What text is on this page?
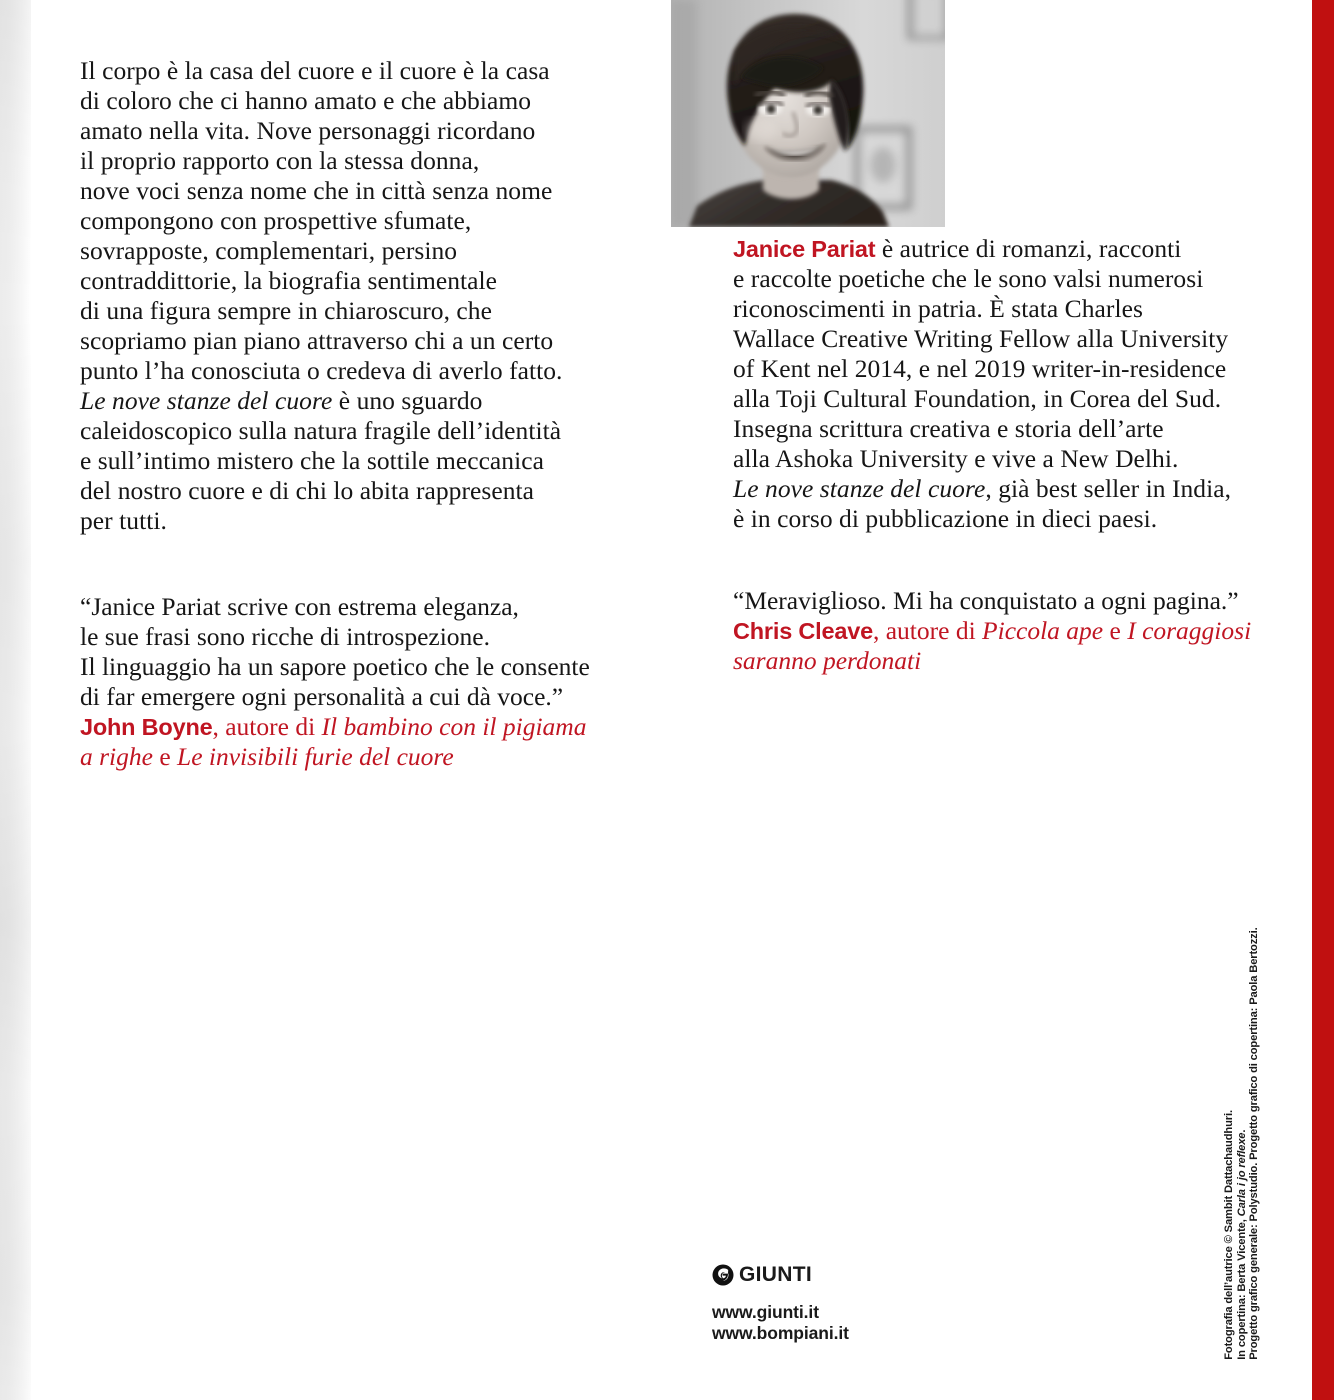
Il corpo è la casa del cuore e il cuore è la casa
di coloro che ci hanno amato e che abbiamo
amato nella vita. Nove personaggi ricordano
il proprio rapporto con la stessa donna,
nove voci senza nome che in città senza nome
compongono con prospettive sfumate,
sovrapposte, complementari, persino
contraddittorie, la biografia sentimentale
di una figura sempre in chiaroscuro, che
scopriamo pian piano attraverso chi a un certo
punto l’ha conosciuta o credeva di averlo fatto.
Le nove stanze del cuore è uno sguardo
caleidoscopico sulla natura fragile dell’identità
e sull’intimo mistero che la sottile meccanica
del nostro cuore e di chi lo abita rappresenta
per tutti.
“Janice Pariat scrive con estrema eleganza,
le sue frasi sono ricche di introspezione.
Il linguaggio ha un sapore poetico che le consente
di far emergere ogni personalità a cui dà voce.”
John Boyne, autore di Il bambino con il pigiama a righe e Le invisibili furie del cuore
Janice Pariat è autrice di romanzi, racconti
e raccolte poetiche che le sono valsi numerosi
riconoscimenti in patria. È stata Charles
Wallace Creative Writing Fellow alla University
of Kent nel 2014, e nel 2019 writer-in-residence
alla Toji Cultural Foundation, in Corea del Sud.
Insegna scrittura creativa e storia dell’arte
alla Ashoka University e vive a New Delhi.
Le nove stanze del cuore, già best seller in India,
è in corso di pubblicazione in dieci paesi.
“Meraviglioso. Mi ha conquistato a ogni pagina.”
Chris Cleave, autore di Piccola ape e I coraggiosi saranno perdonati
GIUNTI
www.giunti.it
www.bompiani.it	Fotografia dell’autrice © Sambit Dattachaudhuri.
In copertina: Berta Vicente, Carla i jo reflexe.
Progetto grafico generale: Polystudio. Progetto grafico di copertina: Paola Bertozzi.
